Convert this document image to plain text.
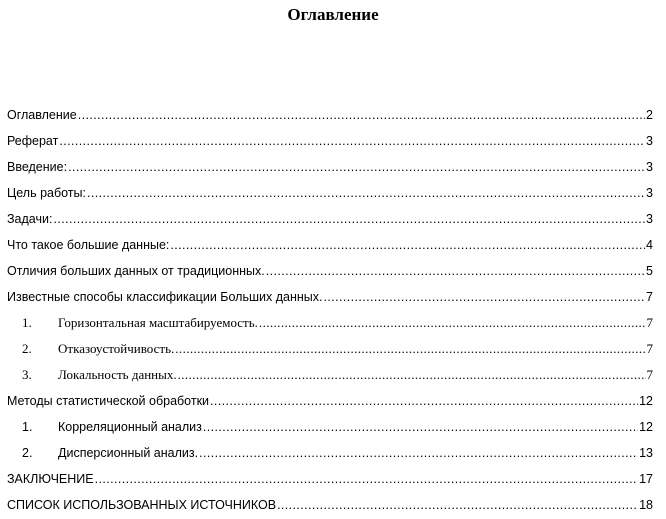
Оглавление
Оглавление .....	2
Реферат .....	3
Введение: .....	3
Цель работы: .....	3
Задачи: .....	3
Что такое большие данные: .....	4
Отличия больших данных от традиционных. .....	5
Известные способы классификации Больших данных. .....	7
1.	Горизонтальная масштабируемость. .....	7
2.	Отказоустойчивость. .....	7
3.	Локальность данных. .....	7
Методы статистической обработки .....	12
1.	Корреляционный анализ .....	12
2.	Дисперсионный анализ. .....	13
ЗАКЛЮЧЕНИЕ .....	17
СПИСОК ИСПОЛЬЗОВАННЫХ ИСТОЧНИКОВ .....	18
